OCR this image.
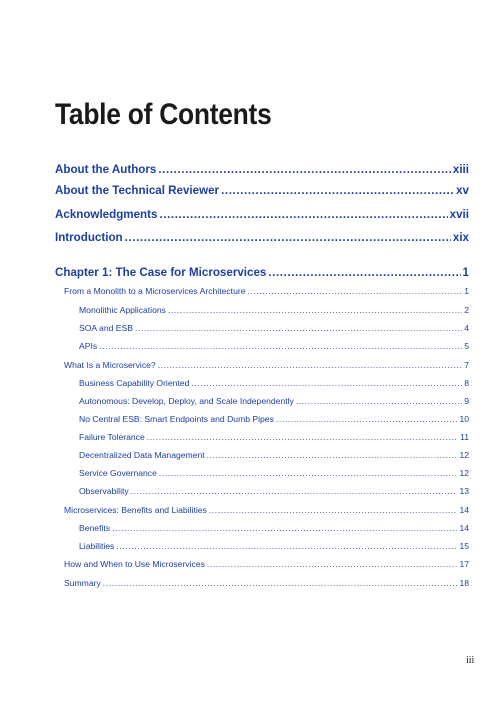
Table of Contents
About the Authors .....	xiii
About the Technical Reviewer .....	xv
Acknowledgments .....	xvii
Introduction .....	xix
Chapter 1: The Case for Microservices .....	1
From a Monolith to a Microservices Architecture .....	1
Monolithic Applications .....	2
SOA and ESB .....	4
APIs .....	5
What Is a Microservice? .....	7
Business Capability Oriented .....	8
Autonomous: Develop, Deploy, and Scale Independently .....	9
No Central ESB: Smart Endpoints and Dumb Pipes .....	10
Failure Tolerance .....	11
Decentralized Data Management .....	12
Service Governance .....	12
Observability .....	13
Microservices: Benefits and Liabilities .....	14
Benefits .....	14
Liabilities .....	15
How and When to Use Microservices .....	17
Summary .....	18
iii
